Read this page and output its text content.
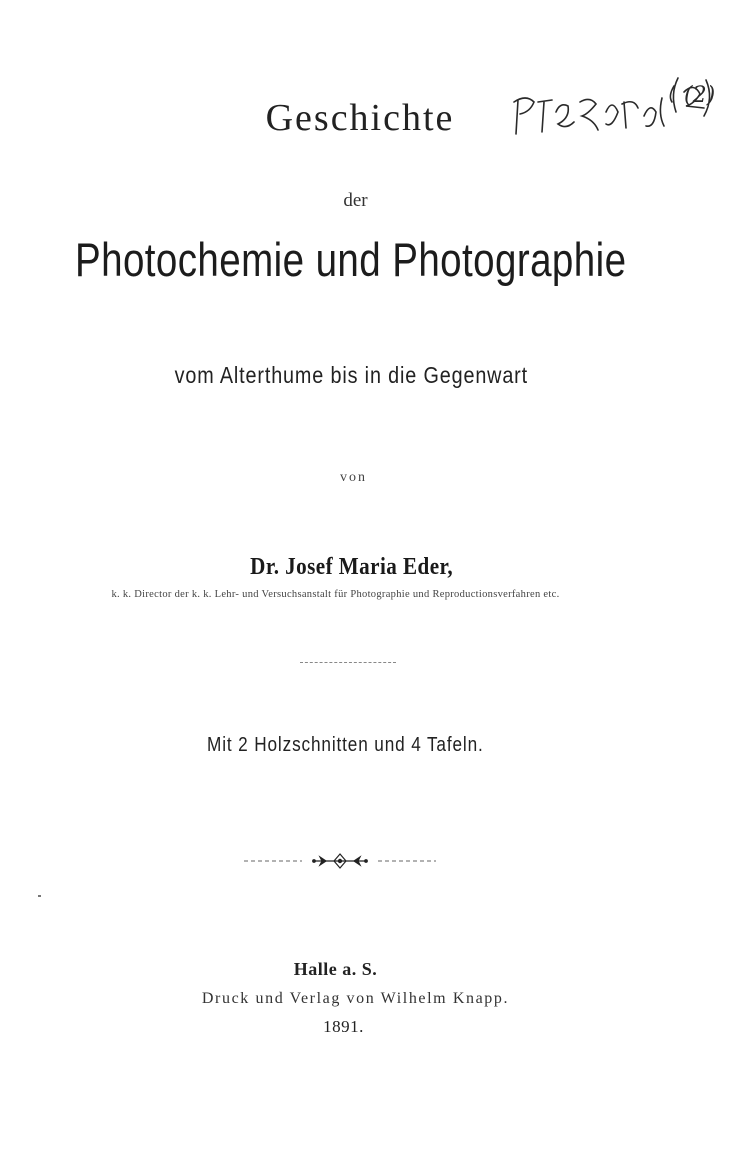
Geschichte
(2)
der
Photochemie und Photographie
vom Alterthume bis in die Gegenwart
von
Dr. Josef Maria Eder,
k. k. Director der k. k. Lehr- und Versuchsanstalt für Photographie und Reproductionsverfahren etc.
Mit 2 Holzschnitten und 4 Tafeln.
Halle a. S.
Druck und Verlag von Wilhelm Knapp.
1891.
